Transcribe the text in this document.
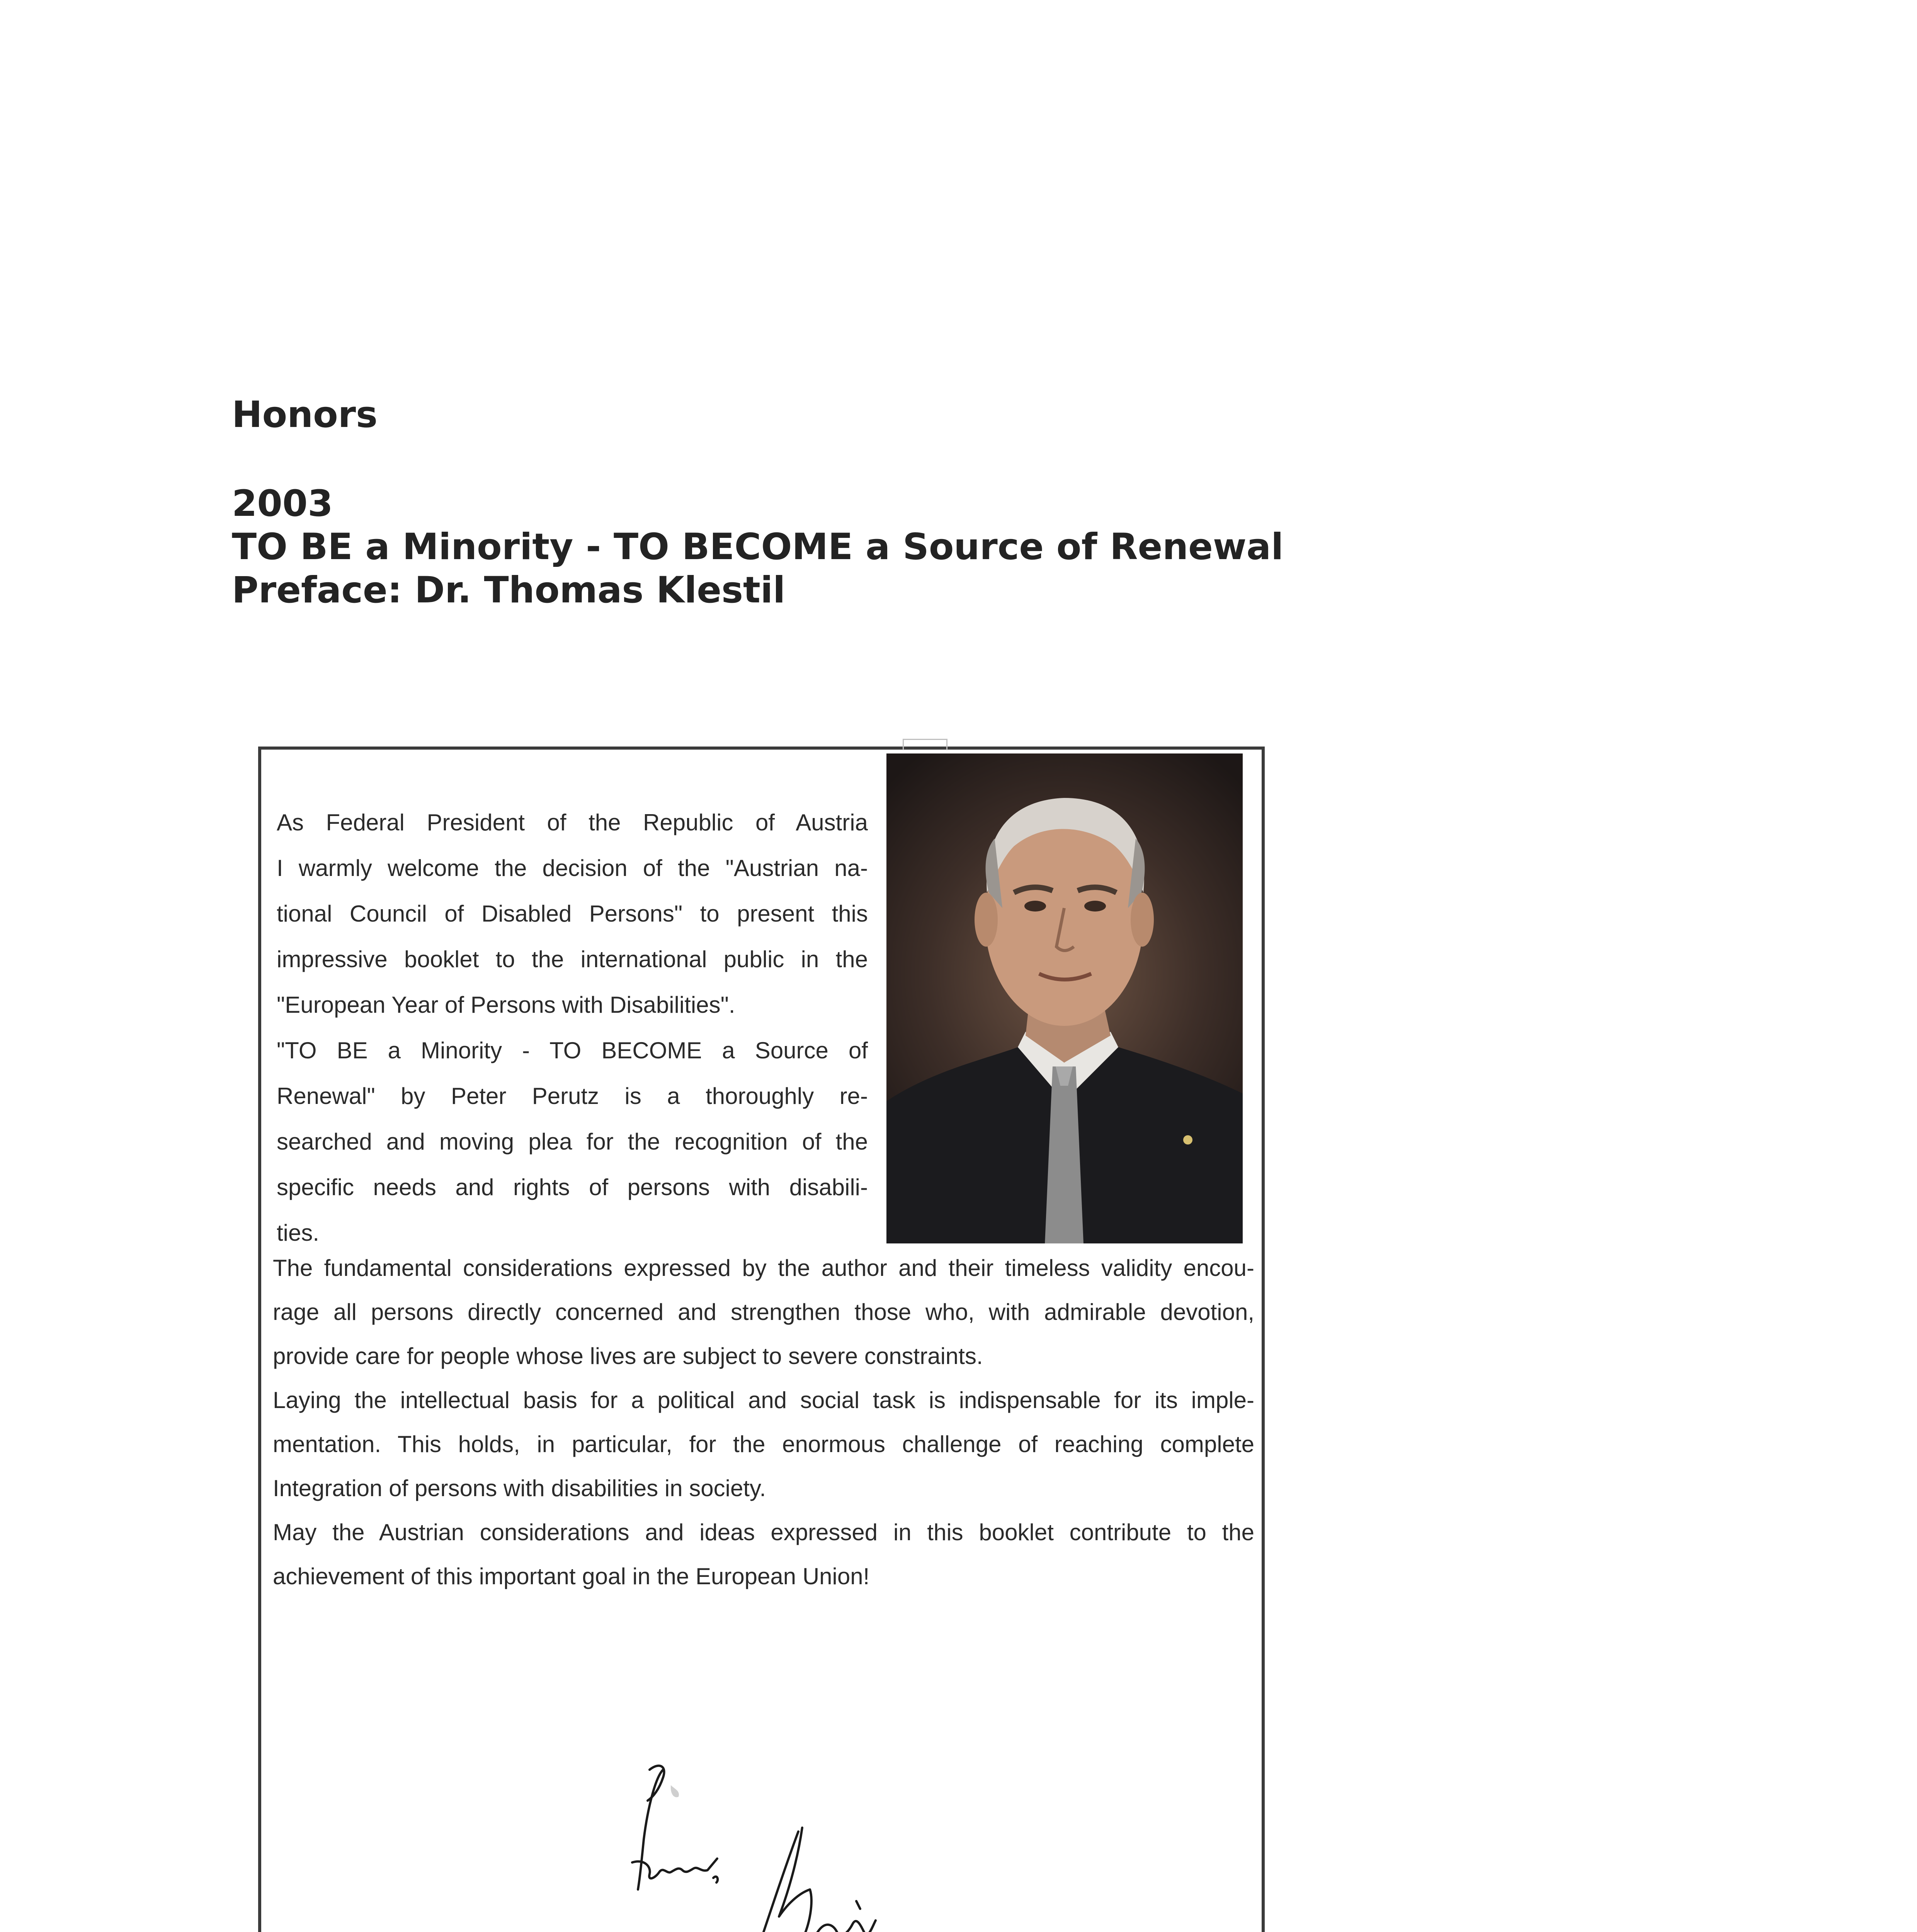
Honors
2003
TO BE a Minority - TO BECOME a Source of Renewal
Preface: Dr. Thomas Klestil

As Federal President of the Republic of Austria
I warmly welcome the decision of the "Austrian na-
tional Council of Disabled Persons" to present this
impressive booklet to the international public in the
"European Year of Persons with Disabilities".
"TO BE a Minority - TO BECOME a Source of
Renewal" by Peter Perutz is a thoroughly re-
searched and moving plea for the recognition of the
specific needs and rights of persons with disabili-
ties.

The fundamental considerations expressed by the author and their timeless validity encou-
rage all persons directly concerned and strengthen those who, with admirable devotion,
provide care for people whose lives are subject to severe constraints.
Laying the intellectual basis for a political and social task is indispensable for its imple-
mentation. This holds, in particular, for the enormous challenge of reaching complete
Integration of persons with disabilities in society.
May the Austrian considerations and ideas expressed in this booklet contribute to the
achievement of this important goal in the European Union!
